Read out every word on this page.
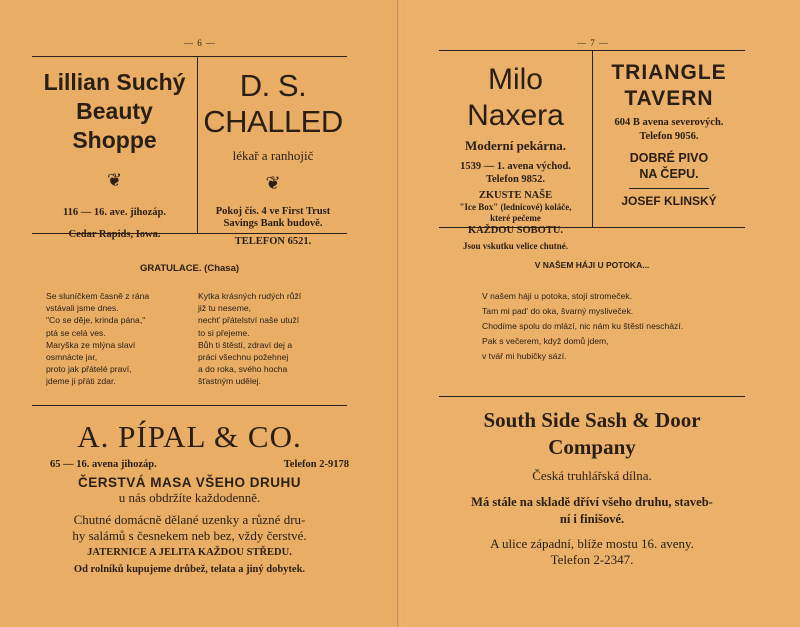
— 6 —
Lillian Suchý
Beauty Shoppe
❦
116 — 16. ave. jihozáp.
Cedar Rapids, Iowa.
D. S. CHALLED
lékař a ranhojič
❦
Pokoj čís. 4 ve First Trust
Savings Bank budově.
TELEFON 6521.
GRATULACE. (Chasa)
Se sluníčkem časně z rána
vstávali jsme dnes.
"Co se děje, krinda pána,"
ptá se celá ves.
Maryška ze mlýna slaví
osmnácte jar,
proto jak přátelé praví,
jdeme ji přáti zdar.
Kytka krásných rudých růží
již tu neseme,
nechť přátelství naše utuží
to si přejeme.
Bůh ti štěstí, zdraví dej a
práci všechnu požehnej
a do roka, svého hocha
šťastným udělej.
A. PÍPAL & CO.
65 — 16. avena jihozáp.	Telefon 2-9178
ČERSTVÁ MASA VŠEHO DRUHU
u nás obdržíte každodenně.
Chutné domácně dělané uzenky a různé dru-
hy salámů s česnekem neb bez, vždy čerstvé.
JATERNICE A JELITA KAŽDOU STŘEDU.
Od rolníků kupujeme drůbež, telata a jiný dobytek.
— 7 —
Milo Naxera
Moderní pekárna.
1539 — 1. avena východ.
Telefon 9852.
ZKUSTE NAŠE
"Ice Box" (lednicové) koláče,
které pečeme
KAŽDOU SOBOTU.
Jsou vskutku velice chutné.
TRIANGLE
TAVERN
604 B avena severových.
Telefon 9056.
DOBRÉ PIVO
NA ČEPU.
JOSEF KLINSKÝ
V NAŠEM HÁJI U POTOKA...
V našem háji u potoka, stojí stromeček.
Tam mi pad' do oka, švarný myslivеček.
Chodíme spolu do mlází, nic nám ku štěstí neschází.
Pak s večerem, když domů jdem,
v tvář mi hubičky sází.
South Side Sash & Door
Company
Česká truhlářská dílna.
Má stále na skladě dříví všeho druhu, staveb-
ní i finišové.
A ulice západní, blíže mostu 16. aveny.
Telefon 2-2347.
